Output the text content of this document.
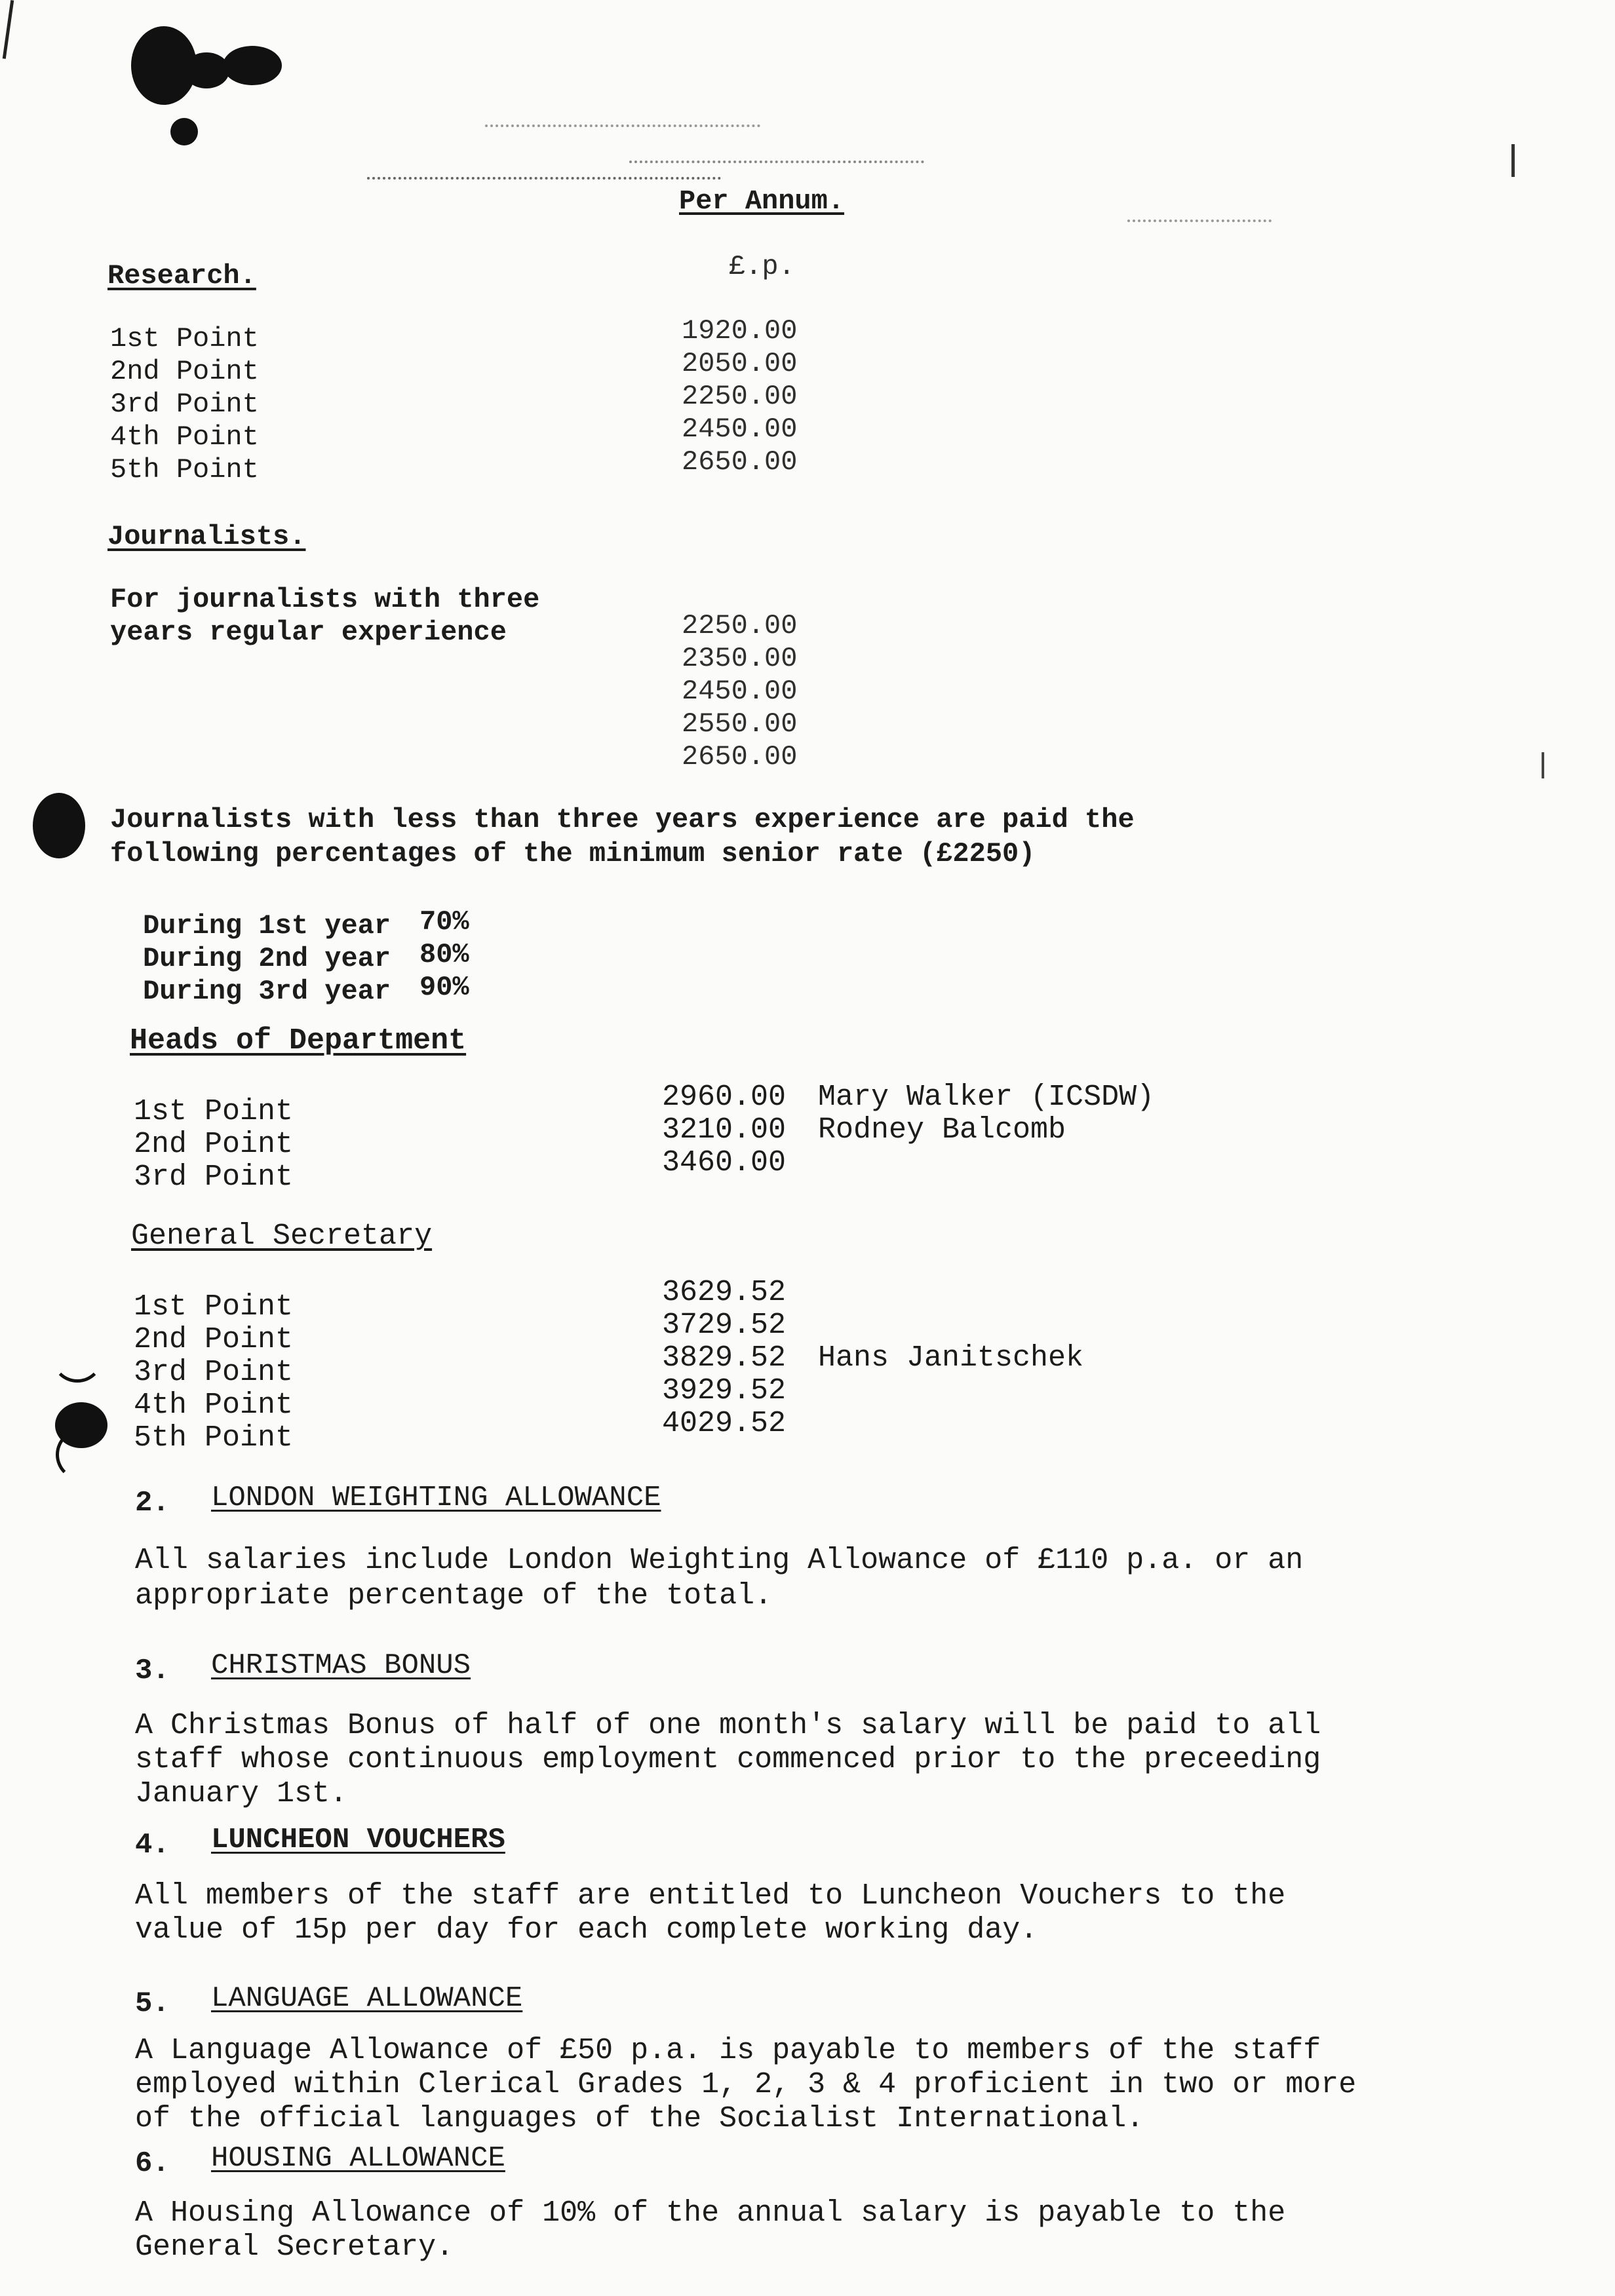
Per Annum.
£.p.
Research.
1st Point	1920.00
2nd Point	2050.00
3rd Point	2250.00
4th Point	2450.00
5th Point	2650.00
Journalists.
For journalists with three
years regular experience	2250.00
2350.00
2450.00
2550.00
2650.00
Journalists with less than three years experience are paid the
following percentages of the minimum senior rate (£2250)
During 1st year 70%
During 2nd year 80%
During 3rd year 90%
Heads of Department
1st Point	2960.00 Mary Walker (ICSDW)
2nd Point	3210.00 Rodney Balcomb
3rd Point	3460.00
General Secretary
1st Point	3629.52
2nd Point	3729.52
3rd Point	3829.52 Hans Janitschek
4th Point	3929.52
5th Point	4029.52
2. LONDON WEIGHTING ALLOWANCE
All salaries include London Weighting Allowance of £110 p.a. or an
appropriate percentage of the total.
3. CHRISTMAS BONUS
A Christmas Bonus of half of one month's salary will be paid to all
staff whose continuous employment commenced prior to the preceeding
January 1st.
4. LUNCHEON VOUCHERS
All members of the staff are entitled to Luncheon Vouchers to the
value of 15p per day for each complete working day.
5. LANGUAGE ALLOWANCE
A Language Allowance of £50 p.a. is payable to members of the staff
employed within Clerical Grades 1, 2, 3 & 4 proficient in two or more
of the official languages of the Socialist International.
6. HOUSING ALLOWANCE
A Housing Allowance of 10% of the annual salary is payable to the
General Secretary.
